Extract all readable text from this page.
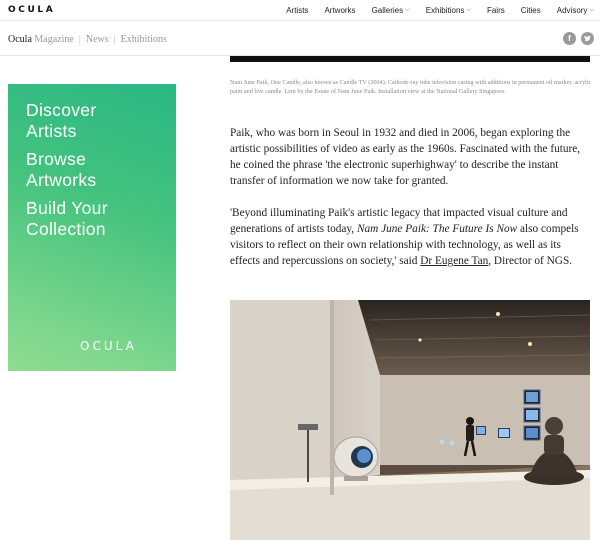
OCULA	Artists Artworks Galleries ⌵ Exhibitions ⌵ Fairs Cities Advisory ⌵
Ocula Magazine | News | Exhibitions	f
Discover
Artists
Browse
Artworks
Build Your
Collection
OCULA
Nam June Paik, One Candle, also known as Candle TV (2004). Cathode-ray tube television casing with additions in permanent oil marker, acrylic paint and live candle. Lent by the Estate of Nam June Paik. Installation view at the National Gallery Singapore.
Paik, who was born in Seoul in 1932 and died in 2006, began exploring the artistic possibilities of video as early as the 1960s. Fascinated with the future, he coined the phrase 'the electronic superhighway' to describe the instant transfer of information we now take for granted.
'Beyond illuminating Paik's artistic legacy that impacted visual culture and generations of artists today, Nam June Paik: The Future Is Now also compels visitors to reflect on their own relationship with technology, as well as its effects and repercussions on society,' said Dr Eugene Tan, Director of NGS.
